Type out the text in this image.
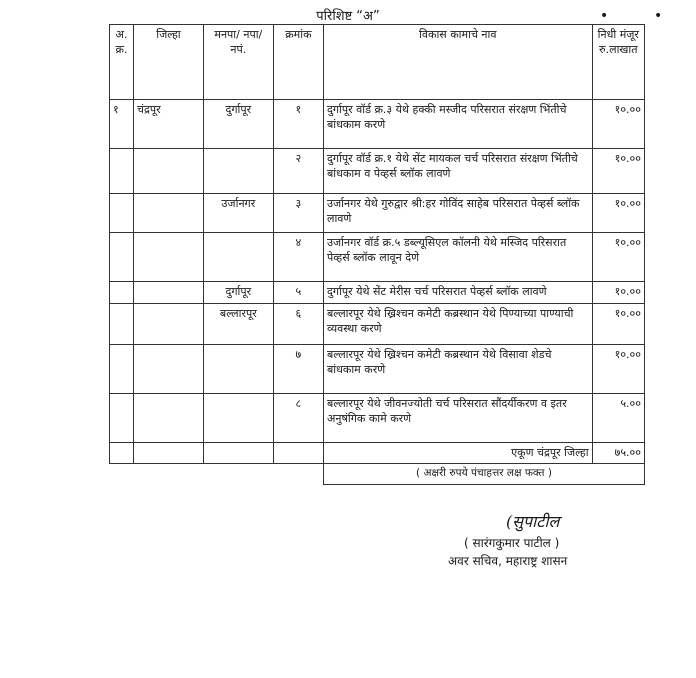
परिशिष्ट “अ”	•	•
अ. क्र.	जिल्हा	मनपा/ नपा/ नपं.	क्रमांक	विकास कामाचे नाव	निधी मंजूर रु.लाखात
१	चंद्रपूर	दुर्गापूर	१	दुर्गापूर वॉर्ड क्र.३ येथे हक्की मस्जीद परिसरात संरक्षण भिंतीचे बांधकाम करणे	१०.००
			२	दुर्गापूर वॉर्ड क्र.१ येथे सेंट मायकल चर्च परिसरात संरक्षण भिंतीचे बांधकाम व पेव्हर्स ब्लॉक लावणे	१०.००
		उर्जानगर	३	उर्जानगर येथे गुरुद्वार श्री:हर गोविंद साहेब परिसरात पेव्हर्स ब्लॉक लावणे	१०.००
			४	उर्जानगर वॉर्ड क्र.५ डब्ल्यूसिएल कॉलनी येथे मस्जिद परिसरात पेव्हर्स ब्लॉक लावून देणे	१०.००
		दुर्गापूर	५	दुर्गापूर येथे सेंट मेरीस चर्च परिसरात पेव्हर्स ब्लॉक लावणे	१०.००
		बल्लारपूर	६	बल्लारपूर येथे ख्रिश्चन कमेटी कब्रस्थान येथे पिण्याच्या पाण्याची व्यवस्था करणे	१०.००
			७	बल्लारपूर येथे ख्रिश्चन कमेटी कब्रस्थान येथे विसावा शेडचे बांधकाम करणे	१०.००
			८	बल्लारपूर येथे जीवनज्योती चर्च परिसरात सौंदर्यीकरण व इतर अनुषंगिक कामे करणे	५.००
				एकूण चंद्रपूर जिल्हा	७५.००
				( अक्षरी रुपये पंचाहत्तर लक्ष फक्त )	
(सुपाटील
( सारंगकुमार पाटील )
अवर सचिव, महाराष्ट्र शासन
